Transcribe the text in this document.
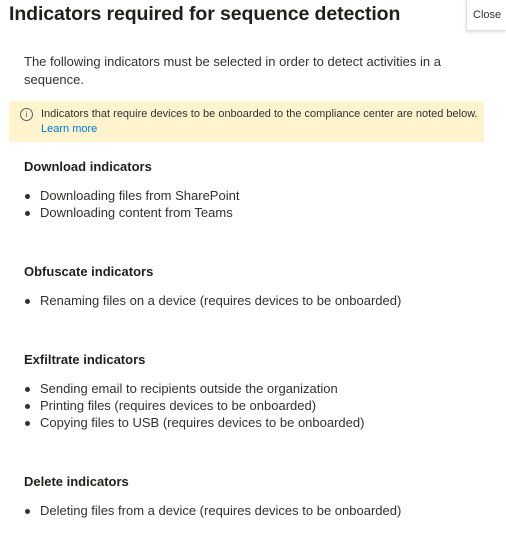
Indicators required for sequence detection	Close
The following indicators must be selected in order to detect activities in a sequence.
i	Indicators that require devices to be onboarded to the compliance center are noted below.
Learn more
Download indicators
Downloading files from SharePoint
Downloading content from Teams
Obfuscate indicators
Renaming files on a device (requires devices to be onboarded)
Exfiltrate indicators
Sending email to recipients outside the organization
Printing files (requires devices to be onboarded)
Copying files to USB (requires devices to be onboarded)
Delete indicators
Deleting files from a device (requires devices to be onboarded)
